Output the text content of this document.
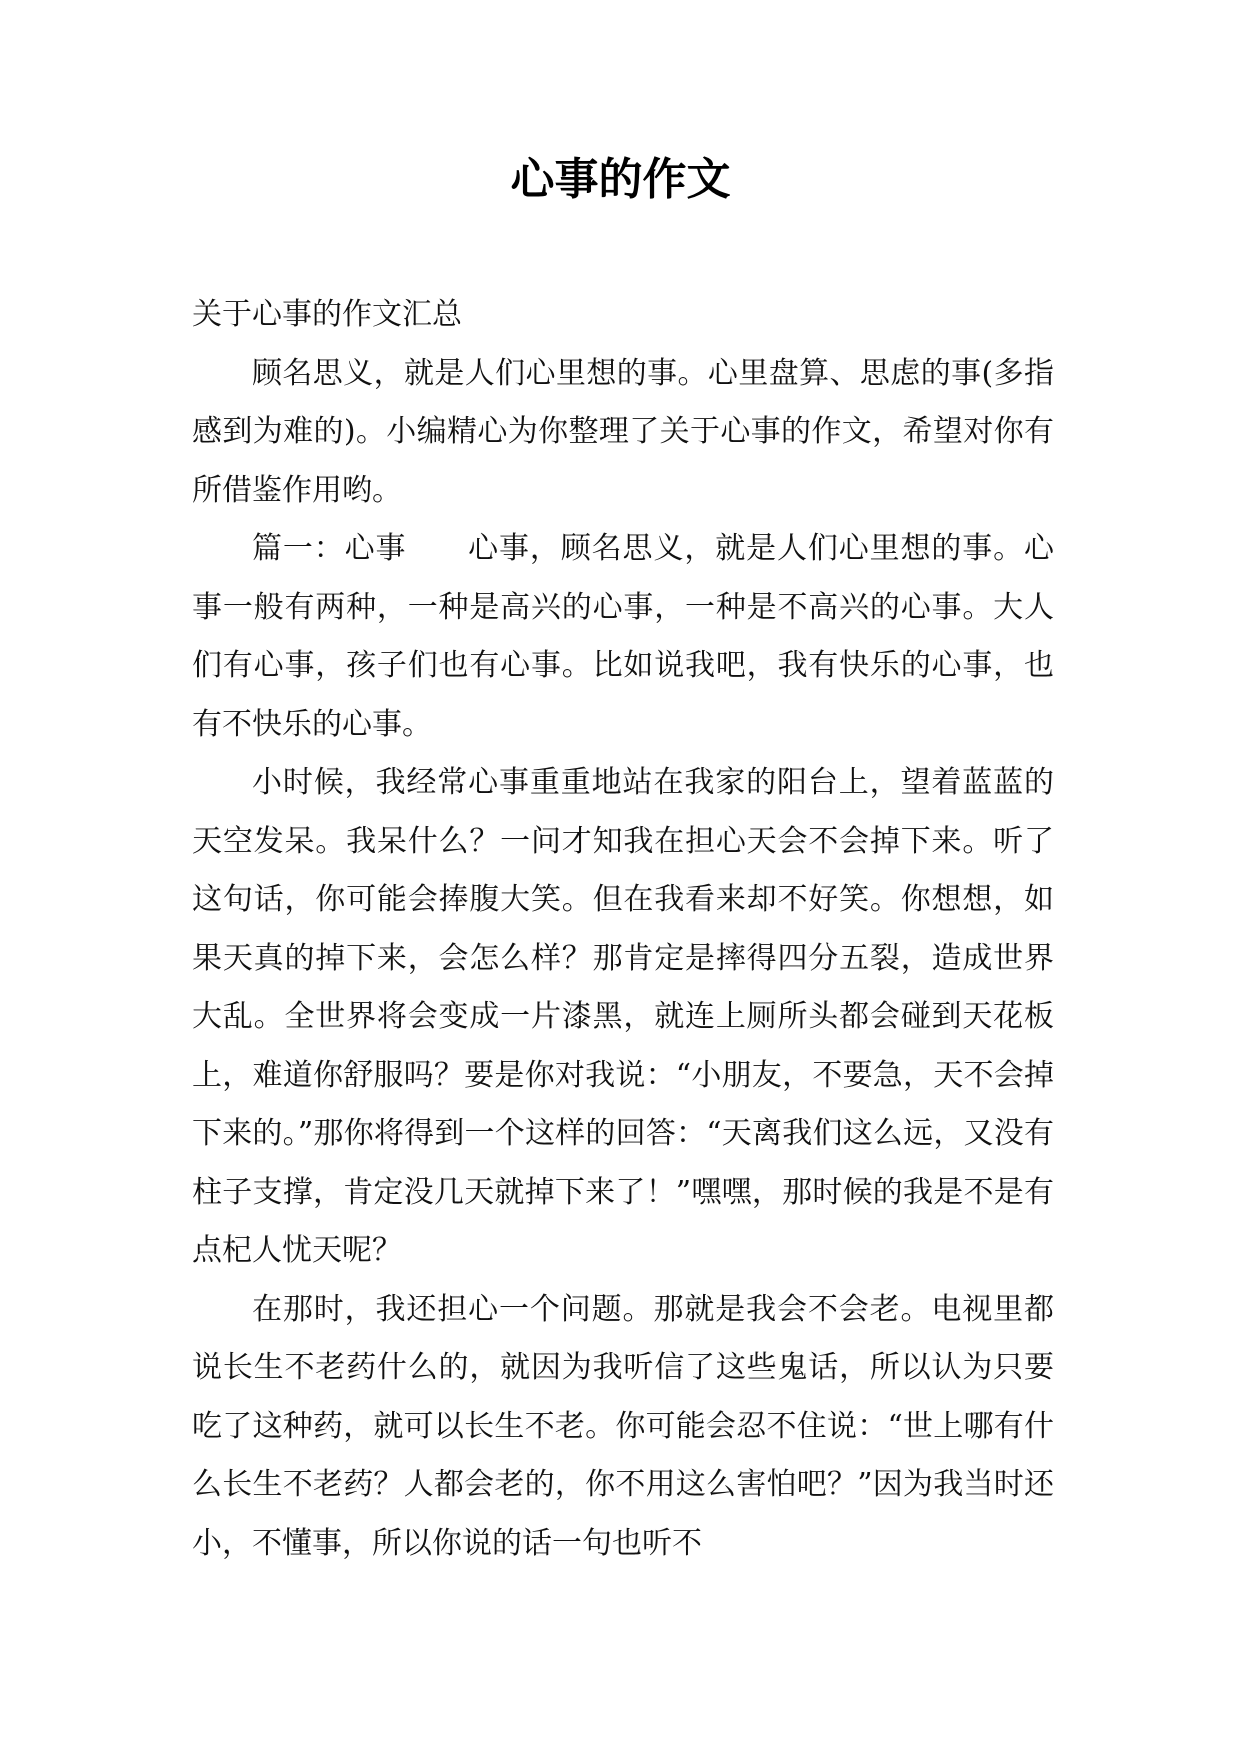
心事的作文

关于心事的作文汇总

顾名思义，就是人们心里想的事。心里盘算、思虑的事(多指感到为难的)。小编精心为你整理了关于心事的作文，希望对你有所借鉴作用哟。

篇一：心事　　心事，顾名思义，就是人们心里想的事。心事一般有两种，一种是高兴的心事，一种是不高兴的心事。大人们有心事，孩子们也有心事。比如说我吧，我有快乐的心事，也有不快乐的心事。

小时候，我经常心事重重地站在我家的阳台上，望着蓝蓝的天空发呆。我呆什么？一问才知我在担心天会不会掉下来。听了这句话，你可能会捧腹大笑。但在我看来却不好笑。你想想，如果天真的掉下来，会怎么样？那肯定是摔得四分五裂，造成世界大乱。全世界将会变成一片漆黑，就连上厕所头都会碰到天花板上，难道你舒服吗？要是你对我说：“小朋友，不要急，天不会掉下来的。”那你将得到一个这样的回答：“天离我们这么远，又没有柱子支撑，肯定没几天就掉下来了！”嘿嘿，那时候的我是不是有点杞人忧天呢？

在那时，我还担心一个问题。那就是我会不会老。电视里都说长生不老药什么的，就因为我听信了这些鬼话，所以认为只要吃了这种药，就可以长生不老。你可能会忍不住说：“世上哪有什么长生不老药？人都会老的，你不用这么害怕吧？”因为我当时还小，不懂事，所以你说的话一句也听不
